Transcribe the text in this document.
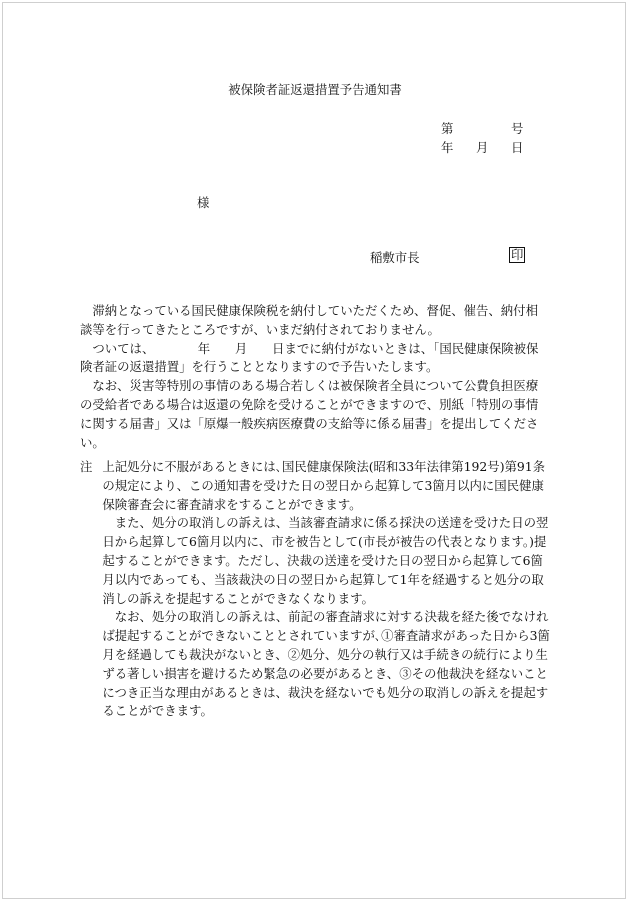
被保険者証返還措置予告通知書
第	号
年 月 日
様
稲敷市長	印

滞納となっている国民健康保険税を納付していただくため、督促、催告、納付相談等を行ってきたところですが、いまだ納付されておりません。

ついては、　　　　年　　月　　日までに納付がないときは、｢国民健康保険被保険者証の返還措置」を行うこととなりますので予告いたします。

なお、災害等特別の事情のある場合若しくは被保険者全員について公費負担医療の受給者である場合は返還の免除を受けることができますので、別紙「特別の事情に関する届書」又は「原爆一般疾病医療費の支給等に係る届書」を提出してください。

注 上記処分に不服があるときには､国民健康保険法(昭和33年法律第192号)第91条の規定により、この通知書を受けた日の翌日から起算して3箇月以内に国民健康保険審査会に審査請求をすることができます。

また、処分の取消しの訴えは、当該審査請求に係る採決の送達を受けた日の翌日から起算して6箇月以内に、市を被告として(市長が被告の代表となります。)提起することができます。ただし、決裁の送達を受けた日の翌日から起算して6箇月以内であっても、当該裁決の日の翌日から起算して1年を経過すると処分の取消しの訴えを提起することができなくなります。

なお、処分の取消しの訴えは、前記の審査請求に対する決裁を経た後でなければ提起することができないこととされていますが､①審査請求があった日から3箇月を経過しても裁決がないとき、②処分、処分の執行又は手続きの続行により生ずる著しい損害を避けるため緊急の必要があるとき、③その他裁決を経ないことにつき正当な理由があるときは、裁決を経ないでも処分の取消しの訴えを提起することができます。
